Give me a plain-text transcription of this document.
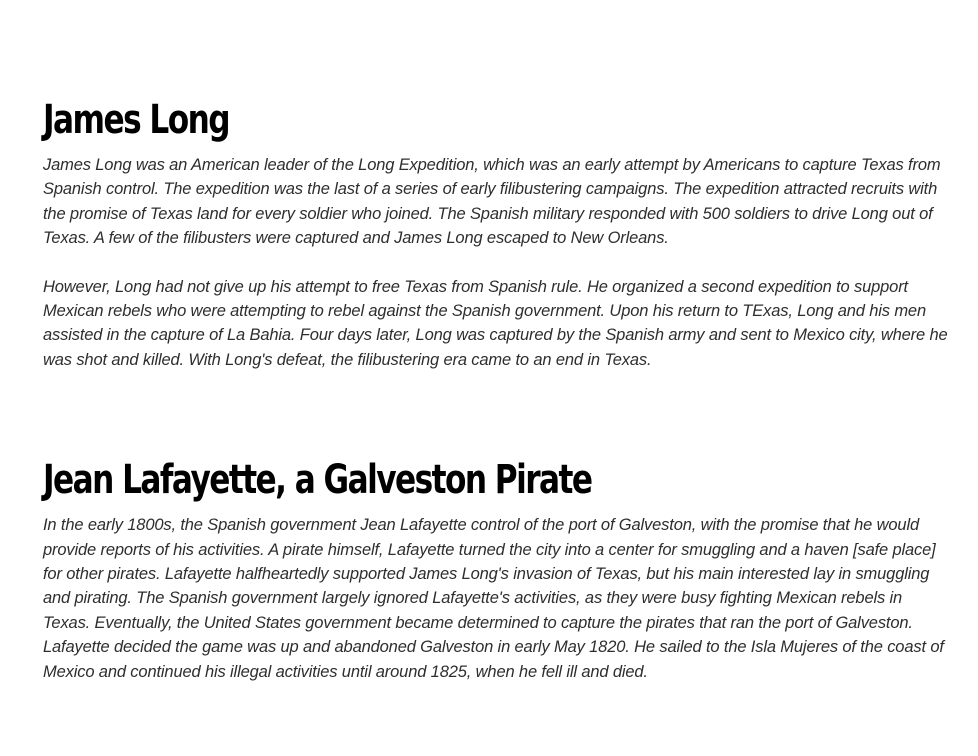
James Long

James Long was an American leader of the Long Expedition, which was an early attempt by Americans to capture Texas from Spanish control. The expedition was the last of a series of early filibustering campaigns. The expedition attracted recruits with the promise of Texas land for every soldier who joined. The Spanish military responded with 500 soldiers to drive Long out of Texas. A few of the filibusters were captured and James Long escaped to New Orleans.

However, Long had not give up his attempt to free Texas from Spanish rule. He organized a second expedition to support Mexican rebels who were attempting to rebel against the Spanish government. Upon his return to TExas, Long and his men assisted in the capture of La Bahia. Four days later, Long was captured by the Spanish army and sent to Mexico city, where he was shot and killed. With Long's defeat, the filibustering era came to an end in Texas.

Jean Lafayette, a Galveston Pirate

In the early 1800s, the Spanish government Jean Lafayette control of the port of Galveston, with the promise that he would provide reports of his activities. A pirate himself, Lafayette turned the city into a center for smuggling and a haven [safe place] for other pirates. Lafayette halfheartedly supported James Long's invasion of Texas, but his main interested lay in smuggling and pirating. The Spanish government largely ignored Lafayette's activities, as they were busy fighting Mexican rebels in Texas. Eventually, the United States government became determined to capture the pirates that ran the port of Galveston. Lafayette decided the game was up and abandoned Galveston in early May 1820. He sailed to the Isla Mujeres of the coast of Mexico and continued his illegal activities until around 1825, when he fell ill and died.
